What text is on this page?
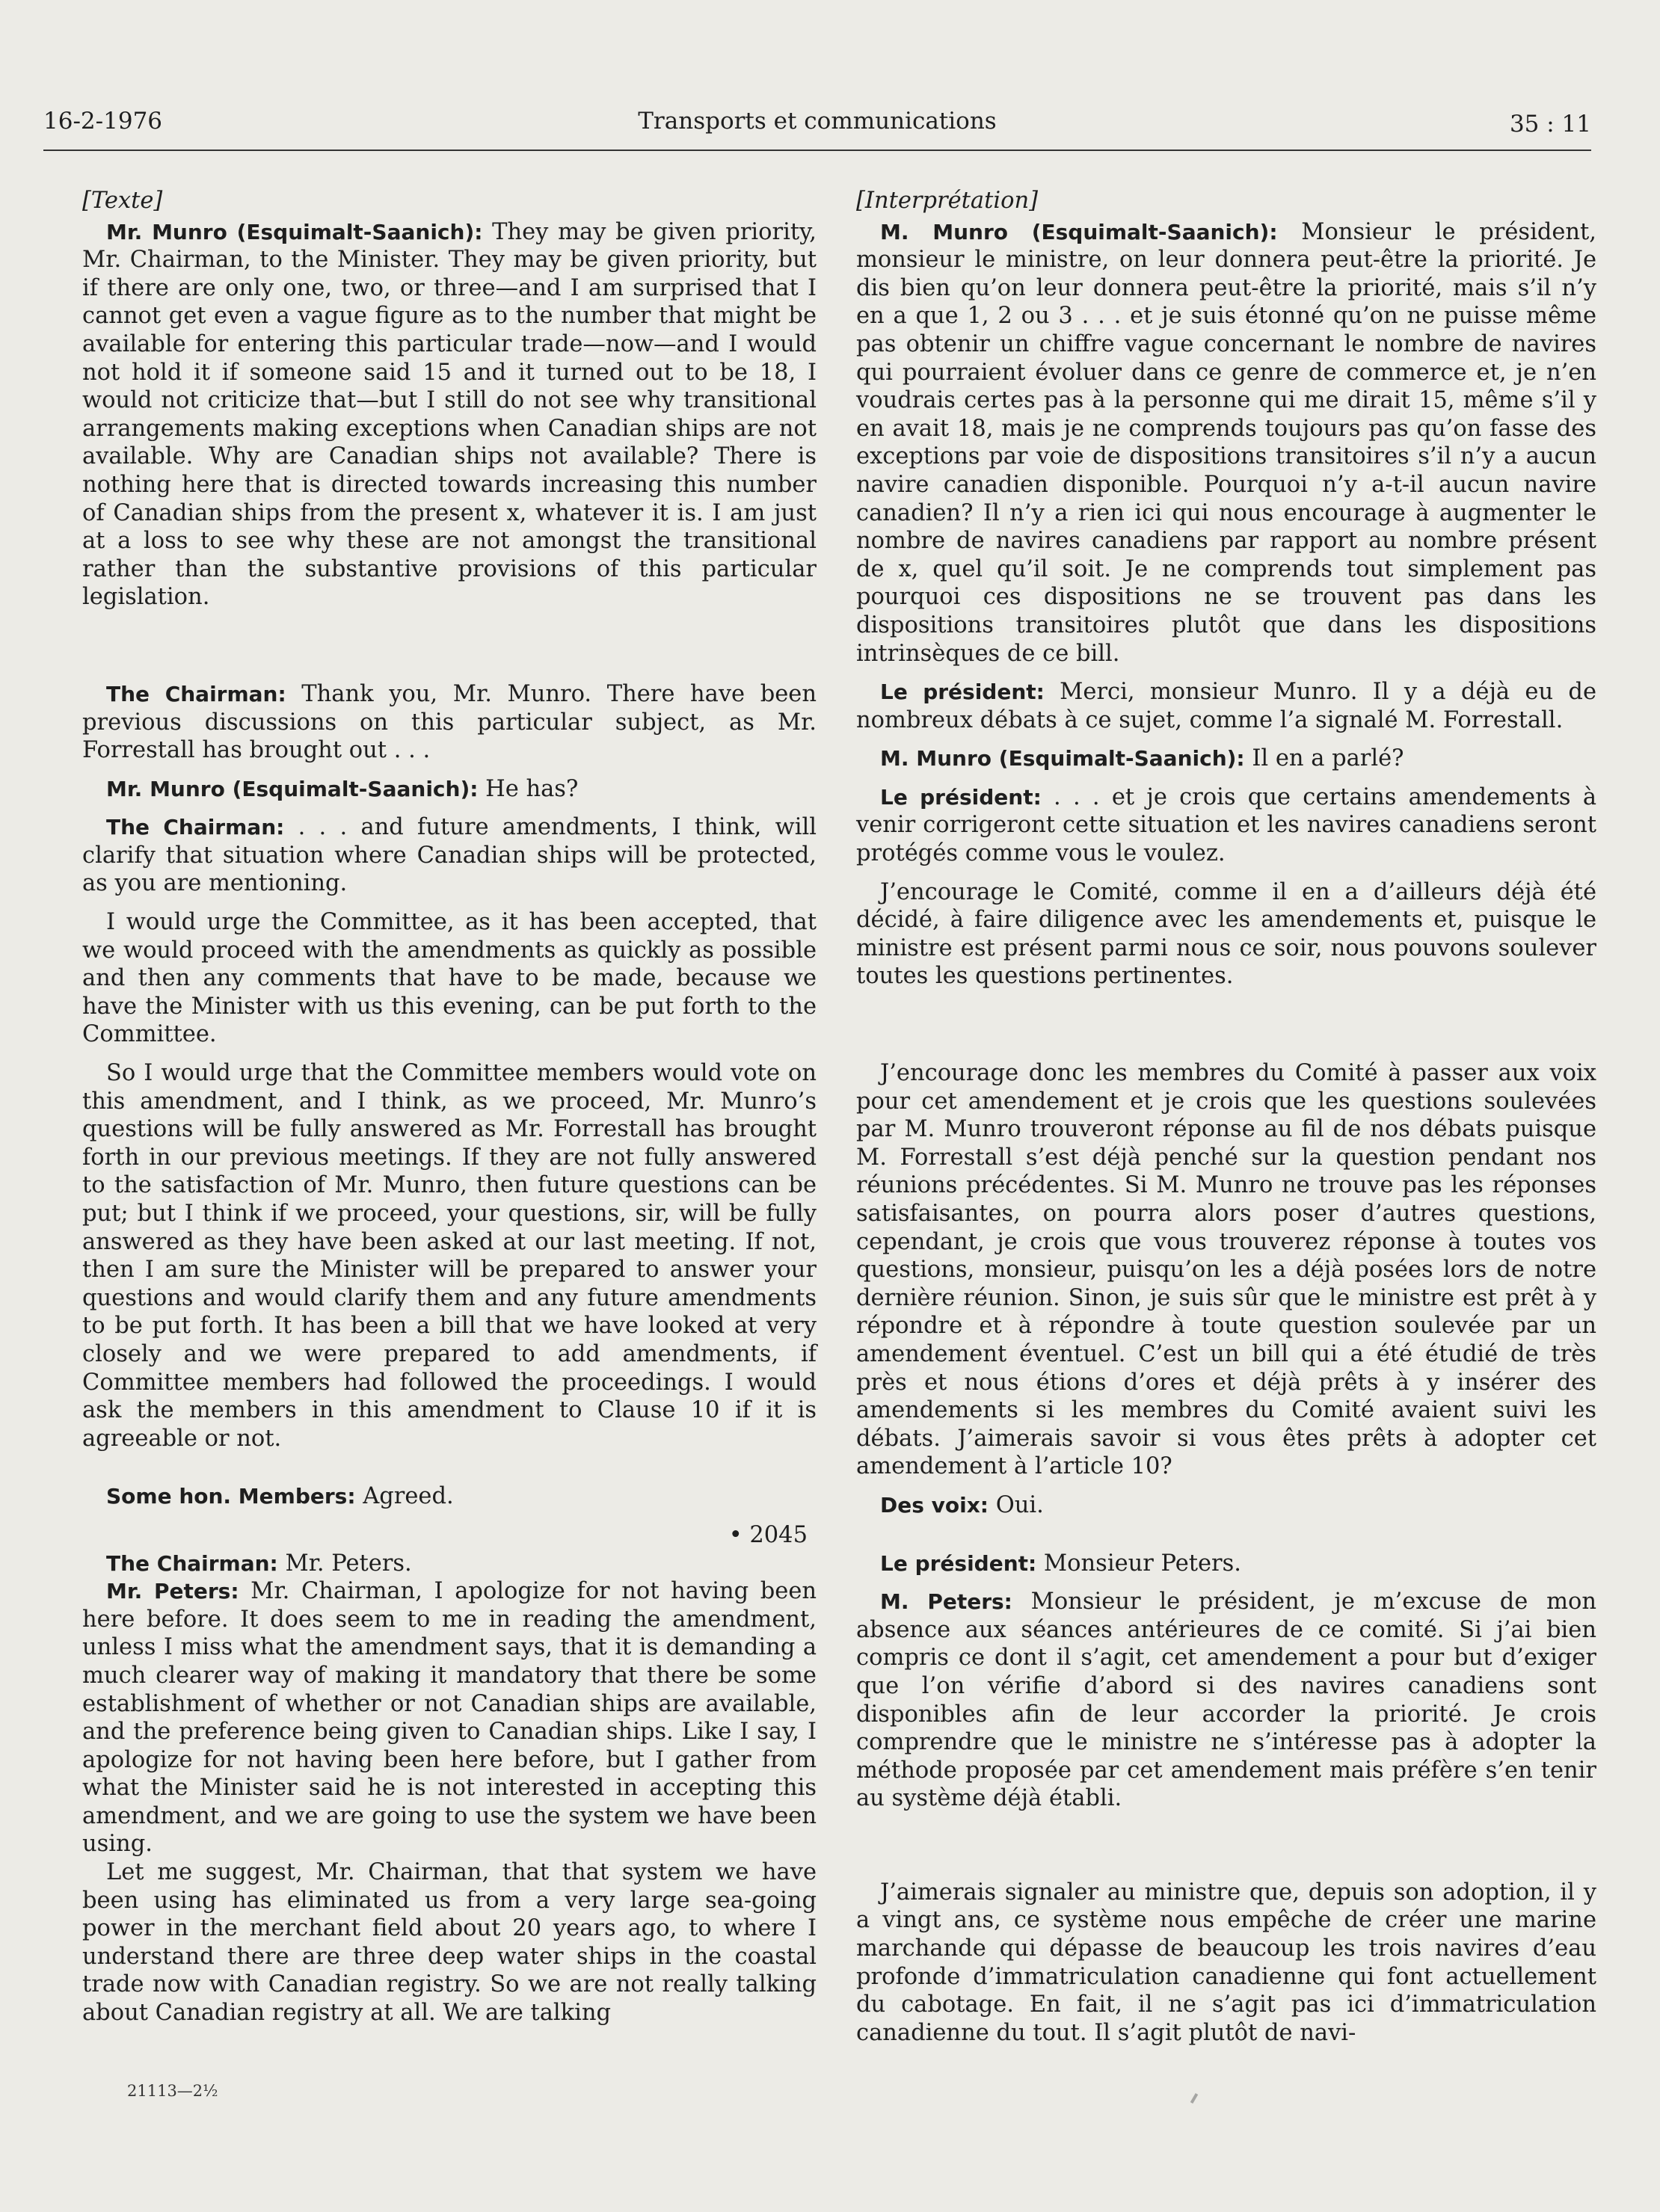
16-2-1976	Transports et communications	35 : 11

[Texte]

Mr. Munro (Esquimalt-Saanich): They may be given priority, Mr. Chairman, to the Minister. They may be given priority, but if there are only one, two, or three—and I am surprised that I cannot get even a vague figure as to the number that might be available for entering this particular trade—now—and I would not hold it if someone said 15 and it turned out to be 18, I would not criticize that—but I still do not see why transitional arrangements making exceptions when Canadian ships are not available. Why are Canadian ships not available? There is nothing here that is directed towards increasing this number of Canadian ships from the present x, whatever it is. I am just at a loss to see why these are not amongst the transitional rather than the substantive provisions of this particular legislation.

The Chairman: Thank you, Mr. Munro. There have been previous discussions on this particular subject, as Mr. Forrestall has brought out . . .

Mr. Munro (Esquimalt-Saanich): He has?

The Chairman: . . . and future amendments, I think, will clarify that situation where Canadian ships will be protected, as you are mentioning.

I would urge the Committee, as it has been accepted, that we would proceed with the amendments as quickly as possible and then any comments that have to be made, because we have the Minister with us this evening, can be put forth to the Committee.

So I would urge that the Committee members would vote on this amendment, and I think, as we proceed, Mr. Munro’s questions will be fully answered as Mr. Forrestall has brought forth in our previous meetings. If they are not fully answered to the satisfaction of Mr. Munro, then future questions can be put; but I think if we proceed, your questions, sir, will be fully answered as they have been asked at our last meeting. If not, then I am sure the Minister will be prepared to answer your questions and would clarify them and any future amendments to be put forth. It has been a bill that we have looked at very closely and we were prepared to add amendments, if Committee members had followed the proceedings. I would ask the members in this amendment to Clause 10 if it is agreeable or not.

Some hon. Members: Agreed.

• 2045

The Chairman: Mr. Peters.

Mr. Peters: Mr. Chairman, I apologize for not having been here before. It does seem to me in reading the amendment, unless I miss what the amendment says, that it is demanding a much clearer way of making it mandatory that there be some establishment of whether or not Canadian ships are available, and the preference being given to Canadian ships. Like I say, I apologize for not having been here before, but I gather from what the Minister said he is not interested in accepting this amendment, and we are going to use the system we have been using.

Let me suggest, Mr. Chairman, that that system we have been using has eliminated us from a very large sea-going power in the merchant field about 20 years ago, to where I understand there are three deep water ships in the coastal trade now with Canadian registry. So we are not really talking about Canadian registry at all. We are talking

[Interprétation]

M. Munro (Esquimalt-Saanich): Monsieur le président, monsieur le ministre, on leur donnera peut-être la priorité. Je dis bien qu’on leur donnera peut-être la priorité, mais s’il n’y en a que 1, 2 ou 3 . . . et je suis étonné qu’on ne puisse même pas obtenir un chiffre vague concernant le nombre de navires qui pourraient évoluer dans ce genre de commerce et, je n’en voudrais certes pas à la personne qui me dirait 15, même s’il y en avait 18, mais je ne comprends toujours pas qu’on fasse des exceptions par voie de dispositions transitoires s’il n’y a aucun navire canadien disponible. Pourquoi n’y a-t-il aucun navire canadien? Il n’y a rien ici qui nous encourage à augmenter le nombre de navires canadiens par rapport au nombre présent de x, quel qu’il soit. Je ne comprends tout simplement pas pourquoi ces dispositions ne se trouvent pas dans les dispositions transitoires plutôt que dans les dispositions intrinsèques de ce bill.

Le président: Merci, monsieur Munro. Il y a déjà eu de nombreux débats à ce sujet, comme l’a signalé M. Forrestall.

M. Munro (Esquimalt-Saanich): Il en a parlé?

Le président: . . . et je crois que certains amendements à venir corrigeront cette situation et les navires canadiens seront protégés comme vous le voulez.

J’encourage le Comité, comme il en a d’ailleurs déjà été décidé, à faire diligence avec les amendements et, puisque le ministre est présent parmi nous ce soir, nous pouvons soulever toutes les questions pertinentes.

J’encourage donc les membres du Comité à passer aux voix pour cet amendement et je crois que les questions soulevées par M. Munro trouveront réponse au fil de nos débats puisque M. Forrestall s’est déjà penché sur la question pendant nos réunions précédentes. Si M. Munro ne trouve pas les réponses satisfaisantes, on pourra alors poser d’autres questions, cependant, je crois que vous trouverez réponse à toutes vos questions, monsieur, puisqu’on les a déjà posées lors de notre dernière réunion. Sinon, je suis sûr que le ministre est prêt à y répondre et à répondre à toute question soulevée par un amendement éventuel. C’est un bill qui a été étudié de très près et nous étions d’ores et déjà prêts à y insérer des amendements si les membres du Comité avaient suivi les débats. J’aimerais savoir si vous êtes prêts à adopter cet amendement à l’article 10?

Des voix: Oui.

Le président: Monsieur Peters.

M. Peters: Monsieur le président, je m’excuse de mon absence aux séances antérieures de ce comité. Si j’ai bien compris ce dont il s’agit, cet amendement a pour but d’exiger que l’on vérifie d’abord si des navires canadiens sont disponibles afin de leur accorder la priorité. Je crois comprendre que le ministre ne s’intéresse pas à adopter la méthode proposée par cet amendement mais préfère s’en tenir au système déjà établi.

J’aimerais signaler au ministre que, depuis son adoption, il y a vingt ans, ce système nous empêche de créer une marine marchande qui dépasse de beaucoup les trois navires d’eau profonde d’immatriculation canadienne qui font actuellement du cabotage. En fait, il ne s’agit pas ici d’immatriculation canadienne du tout. Il s’agit plutôt de navi-

21113—2½
